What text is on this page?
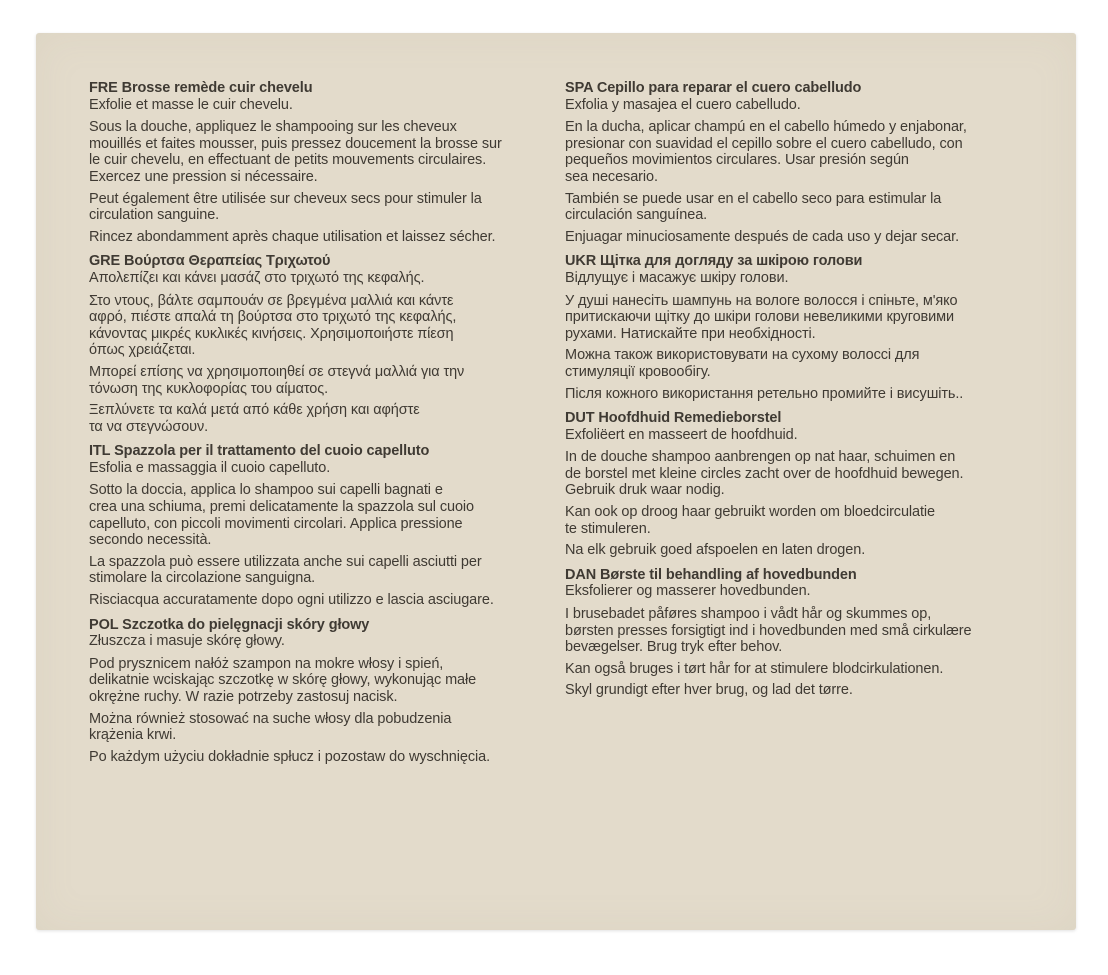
FRE Brosse remède cuir chevelu
Exfolie et masse le cuir chevelu.
Sous la douche, appliquez le shampooing sur les cheveux
mouillés et faites mousser, puis pressez doucement la brosse sur
le cuir chevelu, en effectuant de petits mouvements circulaires.
Exercez une pression si nécessaire.
Peut également être utilisée sur cheveux secs pour stimuler la
circulation sanguine.
Rincez abondamment après chaque utilisation et laissez sécher.
GRE Βούρτσα Θεραπείας Τριχωτού
Απολεπίζει και κάνει μασάζ στο τριχωτό της κεφαλής.
Στο ντους, βάλτε σαμπουάν σε βρεγμένα μαλλιά και κάντε
αφρό, πιέστε απαλά τη βούρτσα στο τριχωτό της κεφαλής,
κάνοντας μικρές κυκλικές κινήσεις. Χρησιμοποιήστε πίεση
όπως χρειάζεται.
Μπορεί επίσης να χρησιμοποιηθεί σε στεγνά μαλλιά για την
τόνωση της κυκλοφορίας του αίματος.
Ξεπλύνετε τα καλά μετά από κάθε χρήση και αφήστε
τα να στεγνώσουν.
ITL Spazzola per il trattamento del cuoio capelluto
Esfolia e massaggia il cuoio capelluto.
Sotto la doccia, applica lo shampoo sui capelli bagnati e
crea una schiuma, premi delicatamente la spazzola sul cuoio
capelluto, con piccoli movimenti circolari. Applica pressione
secondo necessità.
La spazzola può essere utilizzata anche sui capelli asciutti per
stimolare la circolazione sanguigna.
Risciacqua accuratamente dopo ogni utilizzo e lascia asciugare.
POL Szczotka do pielęgnacji skóry głowy
Złuszcza i masuje skórę głowy.
Pod prysznicem nałóż szampon na mokre włosy i spień,
delikatnie wciskając szczotkę w skórę głowy, wykonując małe
okrężne ruchy. W razie potrzeby zastosuj nacisk.
Można również stosować na suche włosy dla pobudzenia
krążenia krwi.
Po każdym użyciu dokładnie spłucz i pozostaw do wyschnięcia.
SPA Cepillo para reparar el cuero cabelludo
Exfolia y masajea el cuero cabelludo.
En la ducha, aplicar champú en el cabello húmedo y enjabonar,
presionar con suavidad el cepillo sobre el cuero cabelludo, con
pequeños movimientos circulares. Usar presión según
sea necesario.
También se puede usar en el cabello seco para estimular la
circulación sanguínea.
Enjuagar minuciosamente después de cada uso y dejar secar.
UKR Щітка для догляду за шкірою голови
Відлущує і масажує шкіру голови.
У душі нанесіть шампунь на вологе волосся і спіньте, м'яко
притискаючи щітку до шкіри голови невеликими круговими
рухами. Натискайте при необхідності.
Можна також використовувати на сухому волоссі для
стимуляції кровообігу.
Після кожного використання ретельно промийте і висушіть..
DUT Hoofdhuid Remedieborstel
Exfoliëert en masseert de hoofdhuid.
In de douche shampoo aanbrengen op nat haar, schuimen en
de borstel met kleine circles zacht over de hoofdhuid bewegen.
Gebruik druk waar nodig.
Kan ook op droog haar gebruikt worden om bloedcirculatie
te stimuleren.
Na elk gebruik goed afspoelen en laten drogen.
DAN Børste til behandling af hovedbunden
Eksfolierer og masserer hovedbunden.
I brusebadet påføres shampoo i vådt hår og skummes op,
børsten presses forsigtigt ind i hovedbunden med små cirkulære
bevægelser. Brug tryk efter behov.
Kan også bruges i tørt hår for at stimulere blodcirkulationen.
Skyl grundigt efter hver brug, og lad det tørre.
